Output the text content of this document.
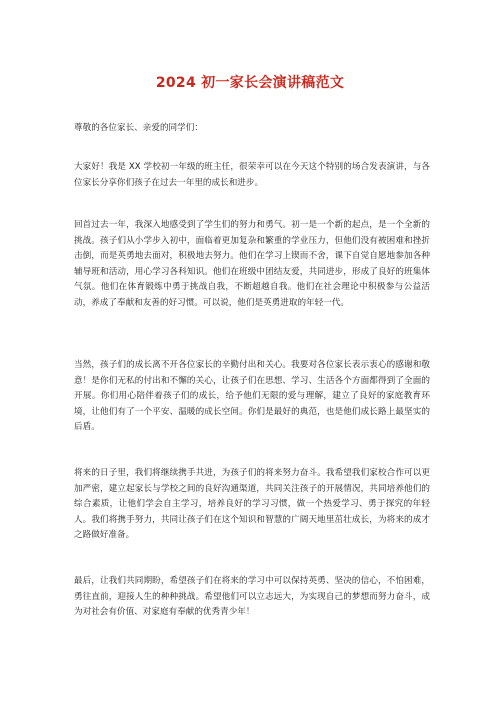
2024 初一家长会演讲稿范文

尊敬的各位家长、亲爱的同学们：

大家好！我是 XX 学校初一年级的班主任，很荣幸可以在今天这个特别的场合发表演讲，与各位家长分享你们孩子在过去一年里的成长和进步。

回首过去一年，我深入地感受到了学生们的努力和勇气。初一是一个新的起点，是一个全新的挑战。孩子们从小学步入初中，面临着更加复杂和繁重的学业压力，但他们没有被困难和挫折击倒，而是英勇地去面对，积极地去努力。他们在学习上锲而不舍，课下自觉自愿地参加各种辅导班和活动，用心学习各科知识。他们在班级中团结友爱，共同进步，形成了良好的班集体气氛。他们在体育锻炼中勇于挑战自我，不断超越自我。他们在社会理论中积极参与公益活动，养成了奉献和友善的好习惯。可以说，他们是英勇进取的年轻一代。

当然，孩子们的成长离不开各位家长的辛勤付出和关心。我要对各位家长表示衷心的感谢和敬意！是你们无私的付出和不懈的关心，让孩子们在思想、学习、生活各个方面都得到了全面的开展。你们用心陪伴着孩子们的成长，给予他们无限的爱与理解，建立了良好的家庭教育环境，让他们有了一个平安、温暖的成长空间。你们是最好的典范，也是他们成长路上最坚实的后盾。

将来的日子里，我们将继续携手共进，为孩子们的将来努力奋斗。我希望我们家校合作可以更加严密，建立起家长与学校之间的良好沟通渠道，共同关注孩子的开展情况，共同培养他们的综合素质，让他们学会自主学习，培养良好的学习习惯，做一个热爱学习、勇于探究的年轻人。我们将携手努力，共同让孩子们在这个知识和智慧的广阔天地里茁壮成长，为将来的成才之路做好准备。

最后，让我们共同期盼，希望孩子们在将来的学习中可以保持英勇、坚决的信心，不怕困难，勇往直前，迎接人生的种种挑战。希望他们可以立志远大，为实现自己的梦想而努力奋斗，成为对社会有价值、对家庭有奉献的优秀青少年！
